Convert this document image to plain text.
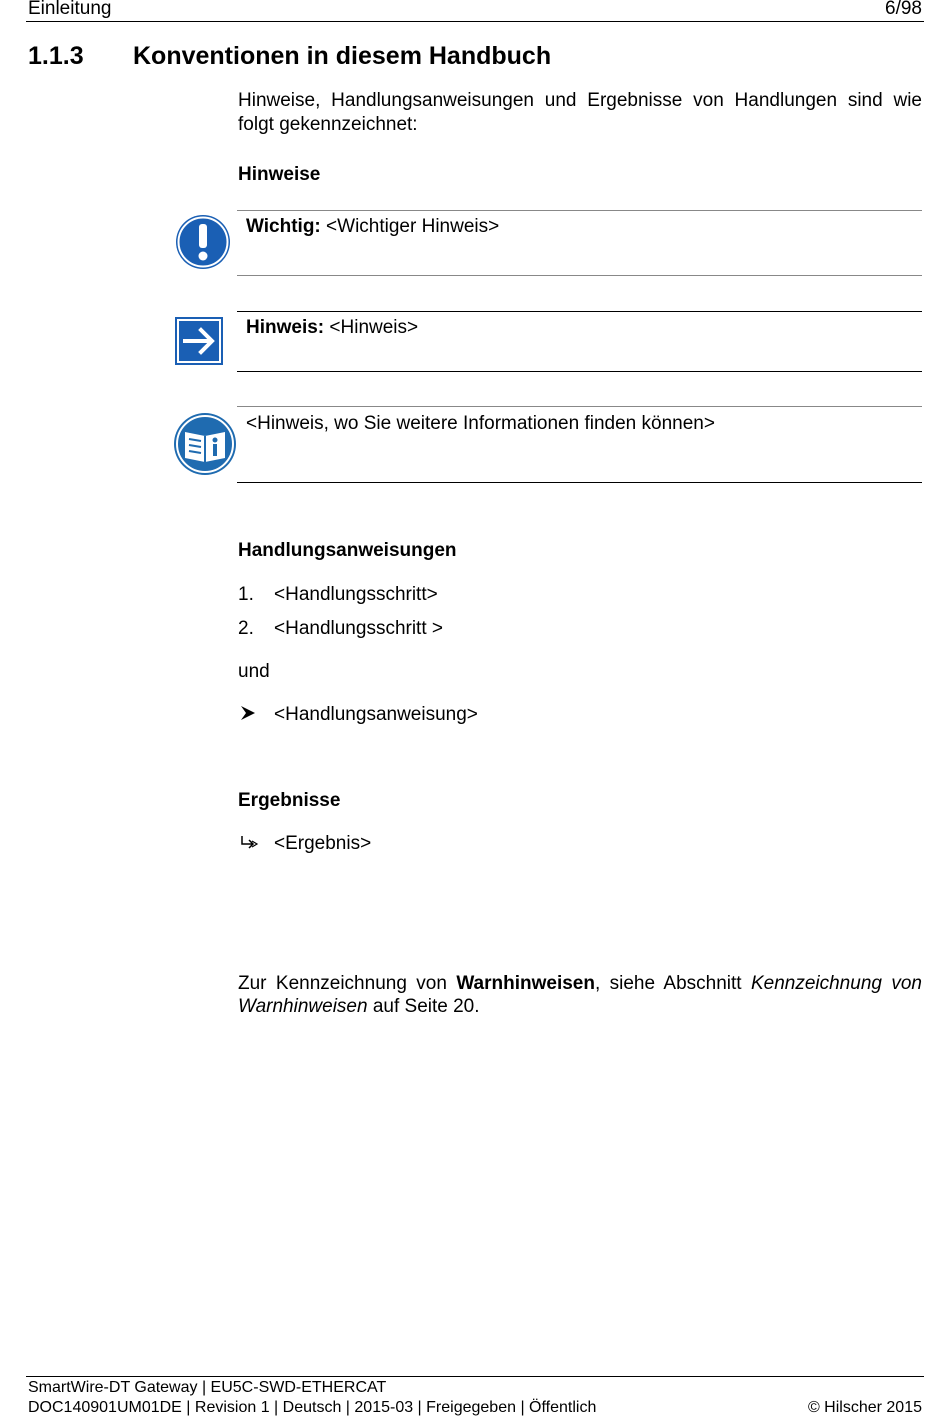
Einleitung	6/98
1.1.3 Konventionen in diesem Handbuch
Hinweise, Handlungsanweisungen und Ergebnisse von Handlungen sind wie folgt gekennzeichnet:
Hinweise
Wichtig: <Wichtiger Hinweis>
Hinweis: <Hinweis>
<Hinweis, wo Sie weitere Informationen finden können>
Handlungsanweisungen
1. <Handlungsschritt>
2. <Handlungsschritt >
und
<Handlungsanweisung>
Ergebnisse
<Ergebnis>
Zur Kennzeichnung von Warnhinweisen, siehe Abschnitt Kennzeichnung von Warnhinweisen auf Seite 20.
SmartWire-DT Gateway | EU5C-SWD-ETHERCAT
DOC140901UM01DE | Revision 1 | Deutsch | 2015-03 | Freigegeben | Öffentlich	© Hilscher 2015
